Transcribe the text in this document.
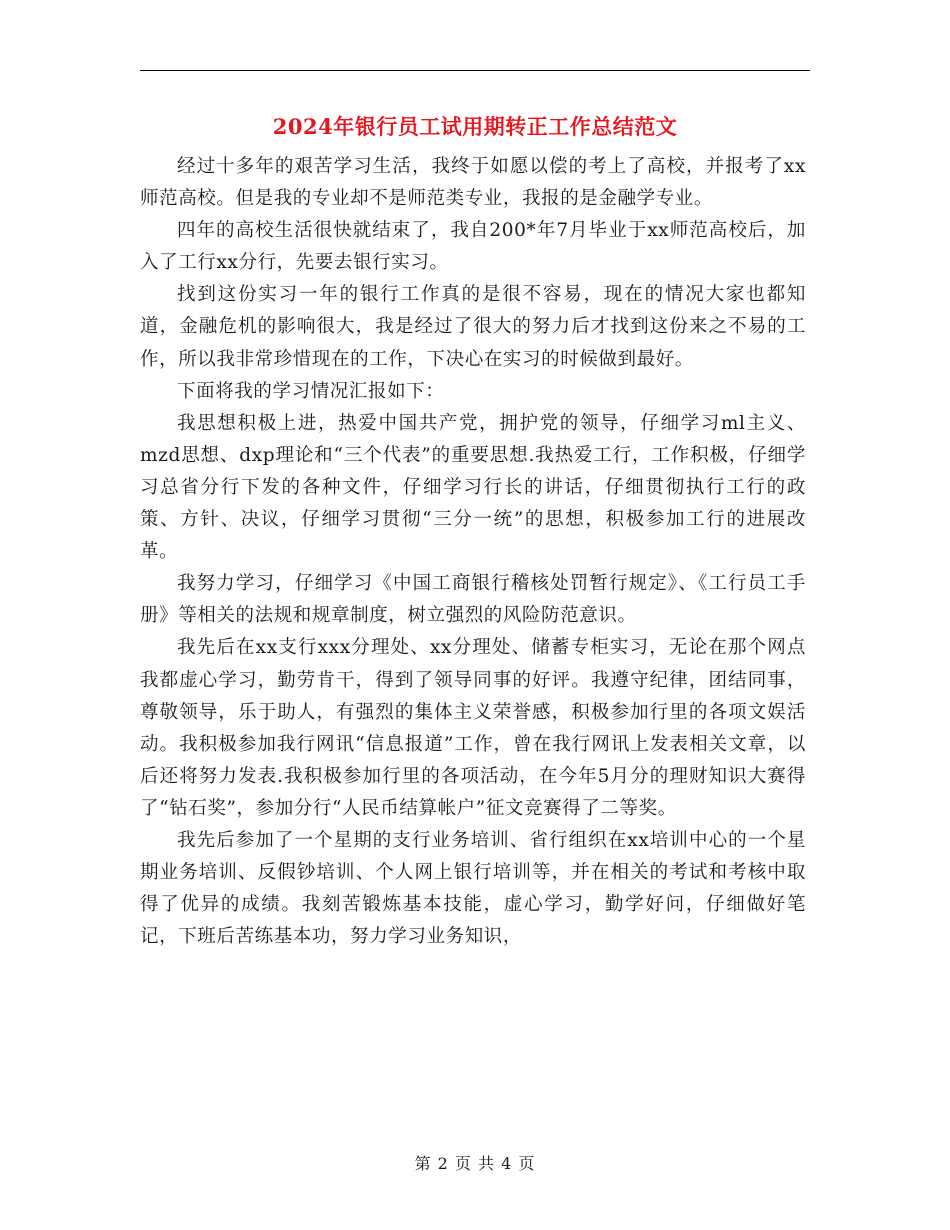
2024年银行员工试用期转正工作总结范文

经过十多年的艰苦学习生活，我终于如愿以偿的考上了高校，并报考了xx师范高校。但是我的专业却不是师范类专业，我报的是金融学专业。

四年的高校生活很快就结束了，我自200*年7月毕业于xx师范高校后，加入了工行xx分行，先要去银行实习。

找到这份实习一年的银行工作真的是很不容易，现在的情况大家也都知道，金融危机的影响很大，我是经过了很大的努力后才找到这份来之不易的工作，所以我非常珍惜现在的工作，下决心在实习的时候做到最好。

下面将我的学习情况汇报如下：

我思想积极上进，热爱中国共产党，拥护党的领导，仔细学习ml主义、mzd思想、dxp理论和“三个代表”的重要思想.我热爱工行，工作积极，仔细学习总省分行下发的各种文件，仔细学习行长的讲话，仔细贯彻执行工行的政策、方针、决议，仔细学习贯彻“三分一统”的思想，积极参加工行的进展改革。

我努力学习，仔细学习《中国工商银行稽核处罚暂行规定》、《工行员工手册》等相关的法规和规章制度，树立强烈的风险防范意识。

我先后在xx支行xxx分理处、xx分理处、储蓄专柜实习，无论在那个网点我都虚心学习，勤劳肯干，得到了领导同事的好评。我遵守纪律，团结同事，尊敬领导，乐于助人，有强烈的集体主义荣誉感，积极参加行里的各项文娱活动。我积极参加我行网讯“信息报道”工作，曾在我行网讯上发表相关文章，以后还将努力发表.我积极参加行里的各项活动，在今年5月分的理财知识大赛得了“钻石奖”，参加分行“人民币结算帐户”征文竞赛得了二等奖。

我先后参加了一个星期的支行业务培训、省行组织在xx培训中心的一个星期业务培训、反假钞培训、个人网上银行培训等，并在相关的考试和考核中取得了优异的成绩。我刻苦锻炼基本技能，虚心学习，勤学好问，仔细做好笔记，下班后苦练基本功，努力学习业务知识，

第 2 页 共 4 页
